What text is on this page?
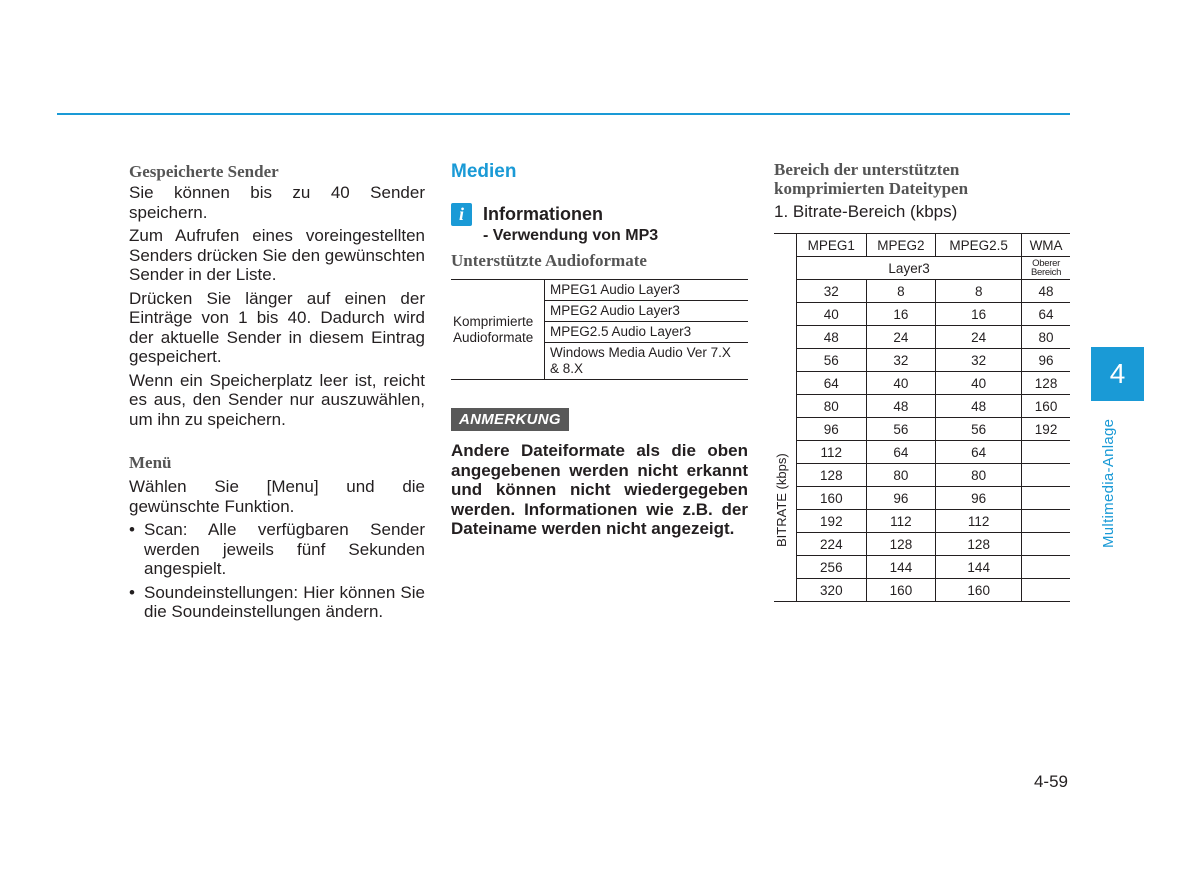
Gespeicherte Sender

Sie können bis zu 40 Sender speichern.

Zum Aufrufen eines voreingestellten Senders drücken Sie den gewünschten Sender in der Liste.

Drücken Sie länger auf einen der Einträge von 1 bis 40. Dadurch wird der aktuelle Sender in diesem Eintrag gespeichert.

Wenn ein Speicherplatz leer ist, reicht es aus, den Sender nur auszuwählen, um ihn zu speichern.

Menü

Wählen Sie [Menu] und die gewünschte Funktion.

• Scan: Alle verfügbaren Sender werden jeweils fünf Sekunden angespielt.
• Soundeinstellungen: Hier können Sie die Soundeinstellungen ändern.
Medien
i	Informationen
- Verwendung von MP3
Unterstützte Audioformate
Komprimierte
Audioformate
	MPEG1 Audio Layer3
MPEG2 Audio Layer3
MPEG2.5 Audio Layer3
Windows Media Audio Ver 7.X & 8.X
ANMERKUNG
Andere Dateiformate als die oben angegebenen werden nicht erkannt und können nicht wiedergegeben werden. Informationen wie z.B. der Dateiname werden nicht angezeigt.
Bereich der unterstützten
komprimierten Dateitypen
1. Bitrate-Bereich (kbps)
	MPEG1	MPEG2	MPEG2.5	WMA
	Layer3			Oberer
Bereich

	32	8	8	48
	40	16	16	64
	48	24	24	80
	56	32	32	96
	64	40	40	128
	80	48	48	160
	96	56	56	192
	112	64	64	
	128	80	80	
	160	96	96	
	192	112	112	
	224	128	128	
	256	144	144	
	320	160	160	
BITRATE (kbps)
4
Multimedia-Anlage
4-59
